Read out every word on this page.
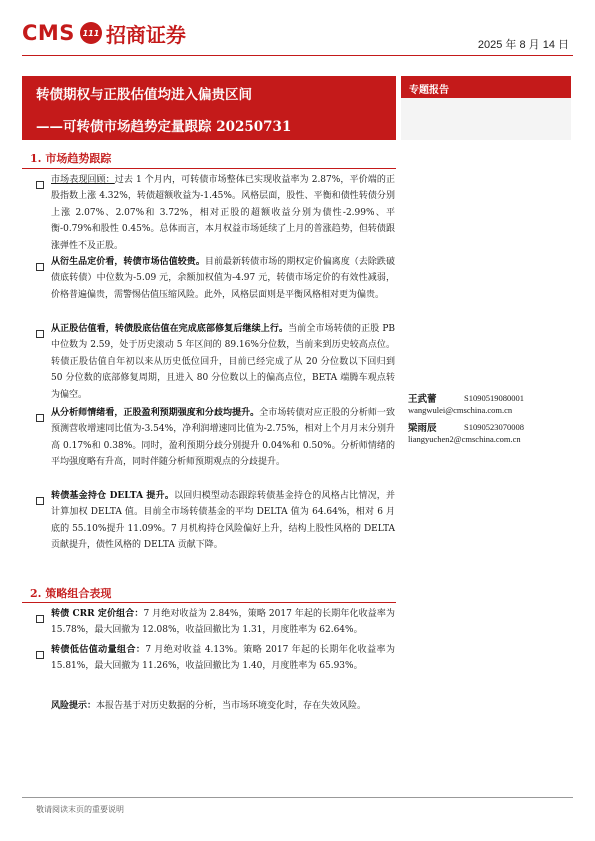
CMS 111 招商证券	2025 年 8 月 14 日
转债期权与正股估值均进入偏贵区间
——可转债市场趋势定量跟踪 20250731
专题报告
1. 市场趋势跟踪
市场表现回顾：过去 1 个月内，可转债市场整体已实现收益率为 2.87%，平价端的正股指数上涨 4.32%，转债超额收益为-1.45%。风格层面，股性、平衡和债性转债分别上涨 2.07%、2.07%和 3.72%，相对正股的超额收益分别为债性-2.99%、平衡-0.79%和股性 0.45%。总体而言，本月权益市场延续了上月的普涨趋势，但转债跟涨弹性不及正股。
从衍生品定价看，转债市场估值较贵。目前最新转债市场的期权定价偏离度（去除跌破债底转债）中位数为-5.09 元，余额加权值为-4.97 元，转债市场定价的有效性减弱，价格普遍偏贵，需警惕估值压缩风险。此外，风格层面则是平衡风格相对更为偏贵。
从正股估值看，转债股底估值在完成底部修复后继续上行。当前全市场转债的正股 PB 中位数为 2.59，处于历史滚动 5 年区间的 89.16%分位数，当前来到历史较高点位。转债正股估值自年初以来从历史低位回升，目前已经完成了从 20 分位数以下回归到 50 分位数的底部修复周期，且进入 80 分位数以上的偏高点位，BETA 端腾车观点转为偏空。
从分析师情绪看，正股盈利预期强度和分歧均提升。全市场转债对应正股的分析师一致预测营收增速同比值为-3.54%，净利润增速同比值为-2.75%，相对上个月月末分别升高 0.17%和 0.38%。同时，盈利预期分歧分别提升 0.04%和 0.50%。分析师情绪的平均强度略有升高，同时伴随分析师预期观点的分歧提升。
转债基金持仓 DELTA 提升。以回归模型动态跟踪转债基金持仓的风格占比情况，并计算加权 DELTA 值。目前全市场转债基金的平均 DELTA 值为 64.64%，相对 6 月底的 55.10%提升 11.09%。7 月机构持仓风险偏好上升，结构上股性风格的 DELTA 贡献提升，债性风格的 DELTA 贡献下降。
2. 策略组合表现
转债 CRR 定价组合：7 月绝对收益为 2.84%，策略 2017 年起的长期年化收益率为 15.78%，最大回撤为 12.08%，收益回撤比为 1.31，月度胜率为 62.64%。
转债低估值动量组合：7 月绝对收益 4.13%。策略 2017 年起的长期年化收益率为 15.81%，最大回撤为 11.26%，收益回撤比为 1.40，月度胜率为 65.93%。
风险提示：本报告基于对历史数据的分析，当市场环境变化时，存在失效风险。
王武蕾	S1090519080001
wangwulei@cmschina.com.cn
梁雨辰	S1090523070008
liangyuchen2@cmschina.com.cn
敬请阅读末页的重要说明
